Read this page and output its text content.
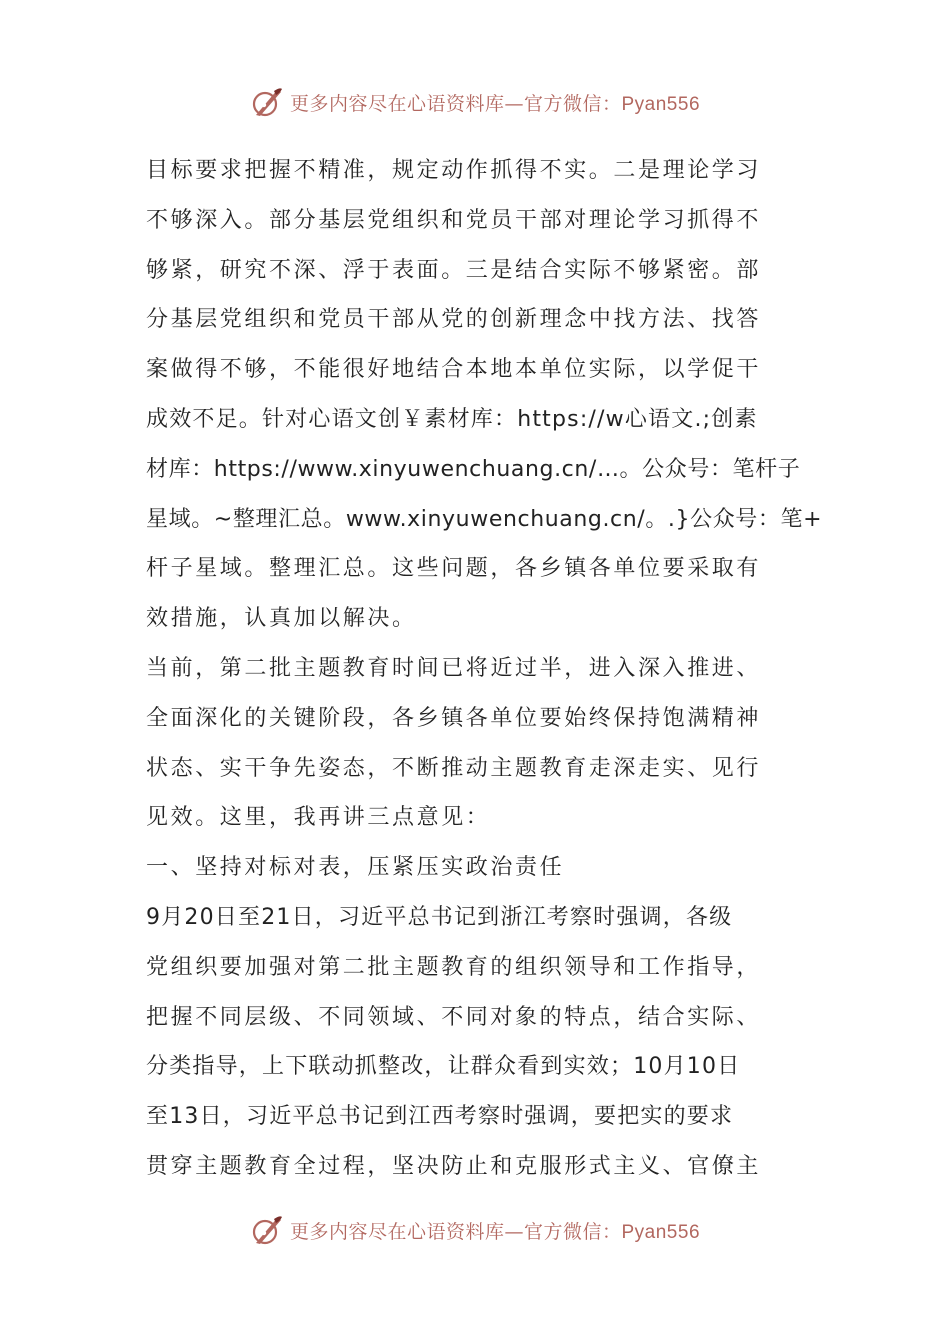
更多内容尽在心语资料库—官方微信：Pyan556
目标要求把握不精准，规定动作抓得不实。二是理论学习
不够深入。部分基层党组织和党员干部对理论学习抓得不
够紧，研究不深、浮于表面。三是结合实际不够紧密。部
分基层党组织和党员干部从党的创新理念中找方法、找答
案做得不够，不能很好地结合本地本单位实际，以学促干
成效不足。针对心语文创￥素材库：https://w心语文.;创素
材库：https://www.xinyuwenchuang.cn/…。公众号：笔杆子
星域。~整理汇总。www.xinyuwenchuang.cn/。.}公众号：笔+
杆子星域。整理汇总。这些问题，各乡镇各单位要采取有
效措施，认真加以解决。
当前，第二批主题教育时间已将近过半，进入深入推进、
全面深化的关键阶段，各乡镇各单位要始终保持饱满精神
状态、实干争先姿态，不断推动主题教育走深走实、见行
见效。这里，我再讲三点意见：
一、坚持对标对表，压紧压实政治责任
9月20日至21日，习近平总书记到浙江考察时强调，各级
党组织要加强对第二批主题教育的组织领导和工作指导，
把握不同层级、不同领域、不同对象的特点，结合实际、
分类指导，上下联动抓整改，让群众看到实效；10月10日
至13日，习近平总书记到江西考察时强调，要把实的要求
贯穿主题教育全过程，坚决防止和克服形式主义、官僚主
更多内容尽在心语资料库—官方微信：Pyan556
